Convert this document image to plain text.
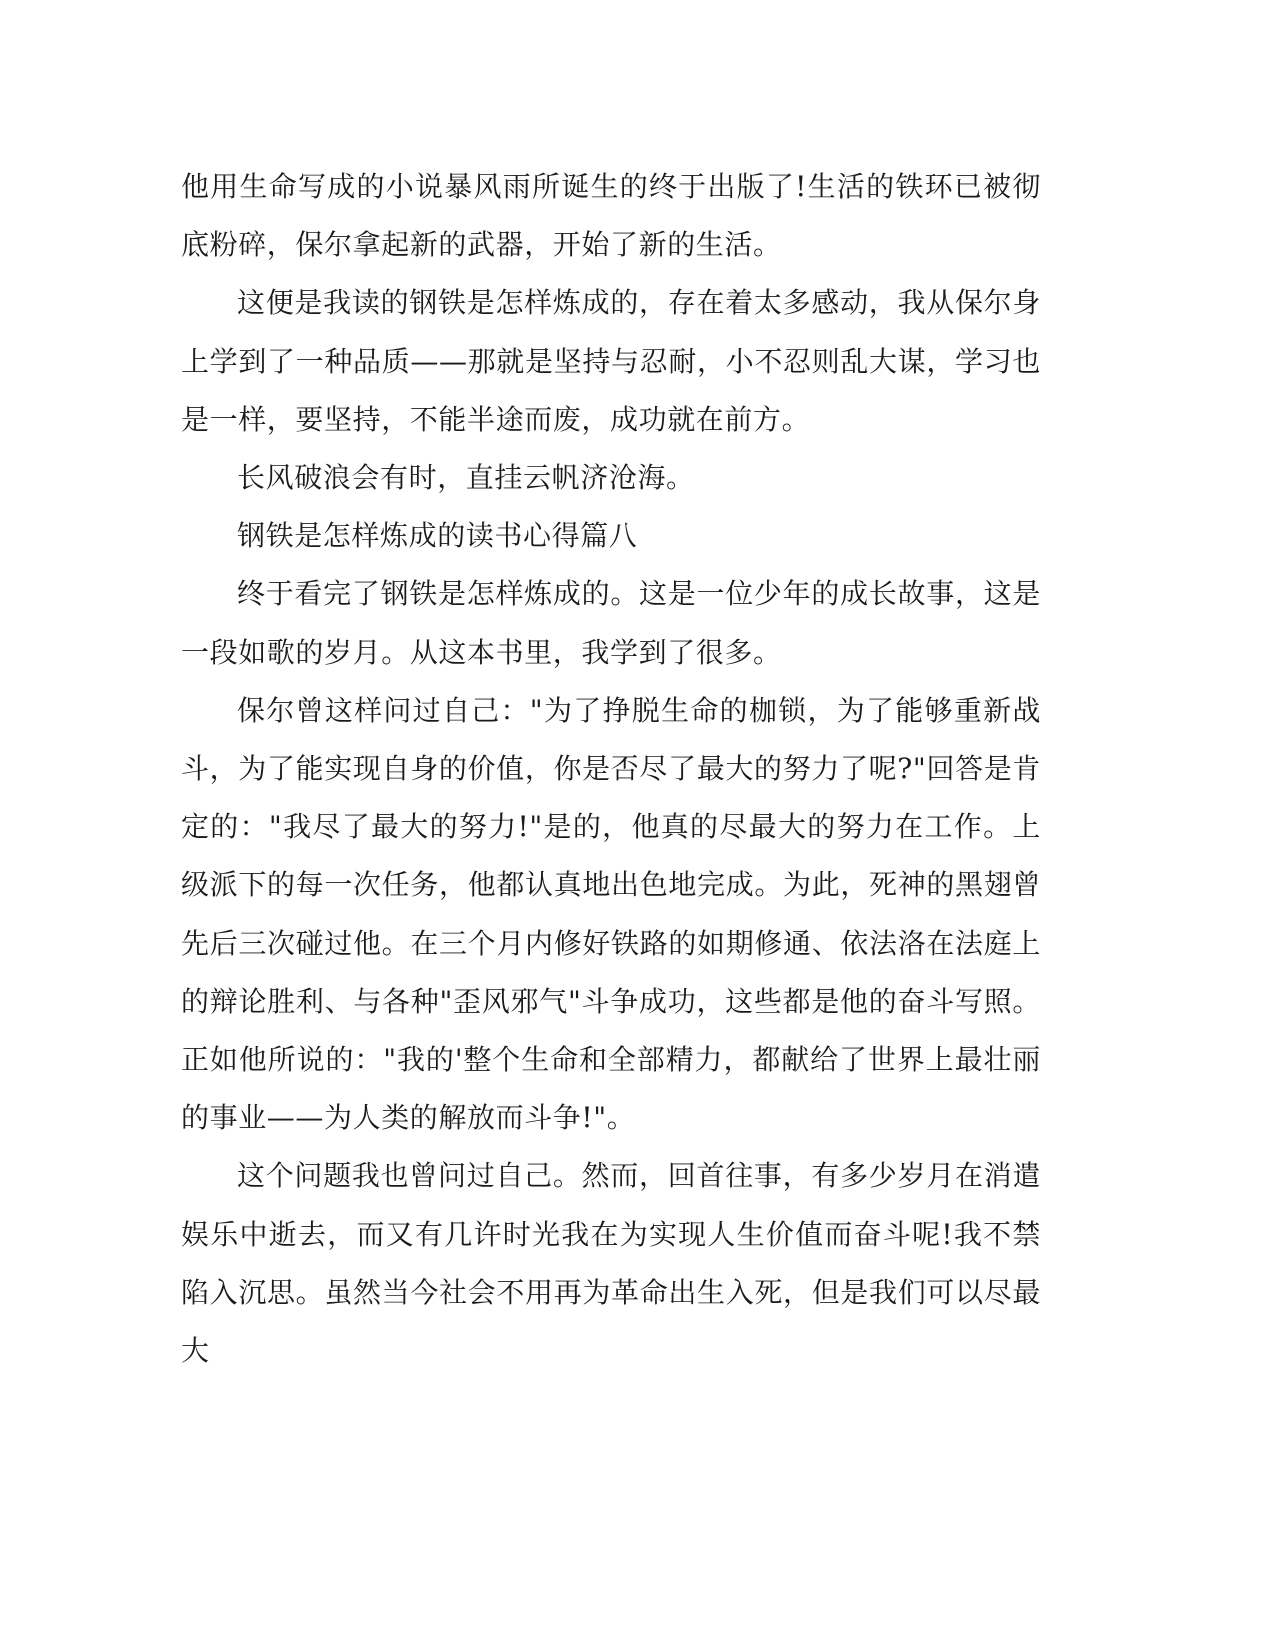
他用生命写成的小说暴风雨所诞生的终于出版了!生活的铁环已被彻底粉碎，保尔拿起新的武器，开始了新的生活。

这便是我读的钢铁是怎样炼成的，存在着太多感动，我从保尔身上学到了一种品质——那就是坚持与忍耐，小不忍则乱大谋，学习也是一样，要坚持，不能半途而废，成功就在前方。

长风破浪会有时，直挂云帆济沧海。

钢铁是怎样炼成的读书心得篇八

终于看完了钢铁是怎样炼成的。这是一位少年的成长故事，这是一段如歌的岁月。从这本书里，我学到了很多。

保尔曾这样问过自己："为了挣脱生命的枷锁，为了能够重新战斗，为了能实现自身的价值，你是否尽了最大的努力了呢?"回答是肯定的："我尽了最大的努力!"是的，他真的尽最大的努力在工作。上级派下的每一次任务，他都认真地出色地完成。为此，死神的黑翅曾先后三次碰过他。在三个月内修好铁路的如期修通、依法洛在法庭上的辩论胜利、与各种"歪风邪气"斗争成功，这些都是他的奋斗写照。正如他所说的："我的'整个生命和全部精力，都献给了世界上最壮丽的事业——为人类的解放而斗争!"。

这个问题我也曾问过自己。然而，回首往事，有多少岁月在消遣娱乐中逝去，而又有几许时光我在为实现人生价值而奋斗呢!我不禁陷入沉思。虽然当今社会不用再为革命出生入死，但是我们可以尽最大
